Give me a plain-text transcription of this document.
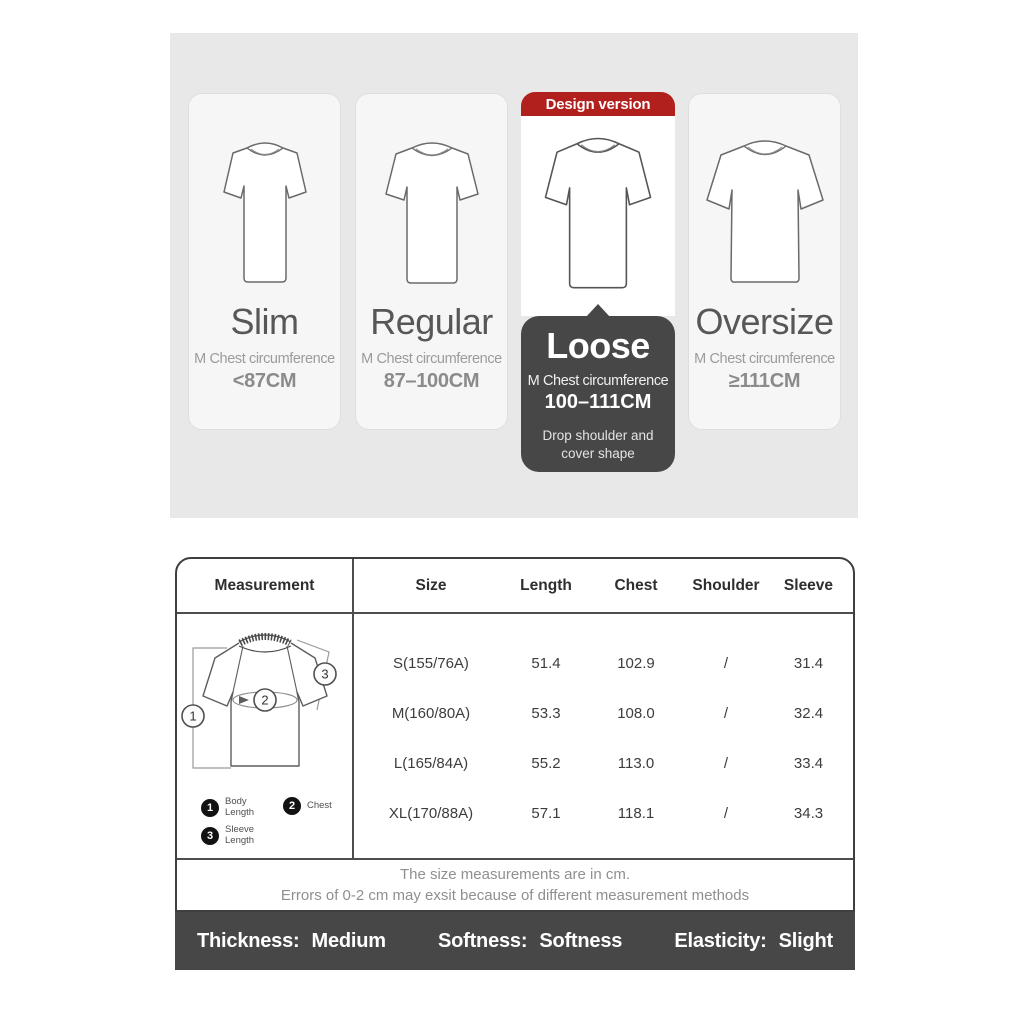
Slim
M Chest circumference
<87CM
Regular
M Chest circumference
87–100CM
Design version
Loose
M Chest circumference
100–111CM
Drop shoulder and
cover shape
Oversize
M Chest circumference
≥111CM
Measurement
1
2
3
1
Body Length
2	Chest
3
Sleeve Length
Size	Length	Chest	Shoulder	Sleeve
S(155/76A)	51.4	102.9	/	31.4
M(160/80A)	53.3	108.0	/	32.4
L(165/84A)	55.2	113.0	/	33.4
XL(170/88A)	57.1	118.1	/	34.3
The size measurements are in cm.
Errors of 0-2 cm may exsit because of different measurement methods
Thickness: Medium	Softness: Softness	Elasticity: Slight
